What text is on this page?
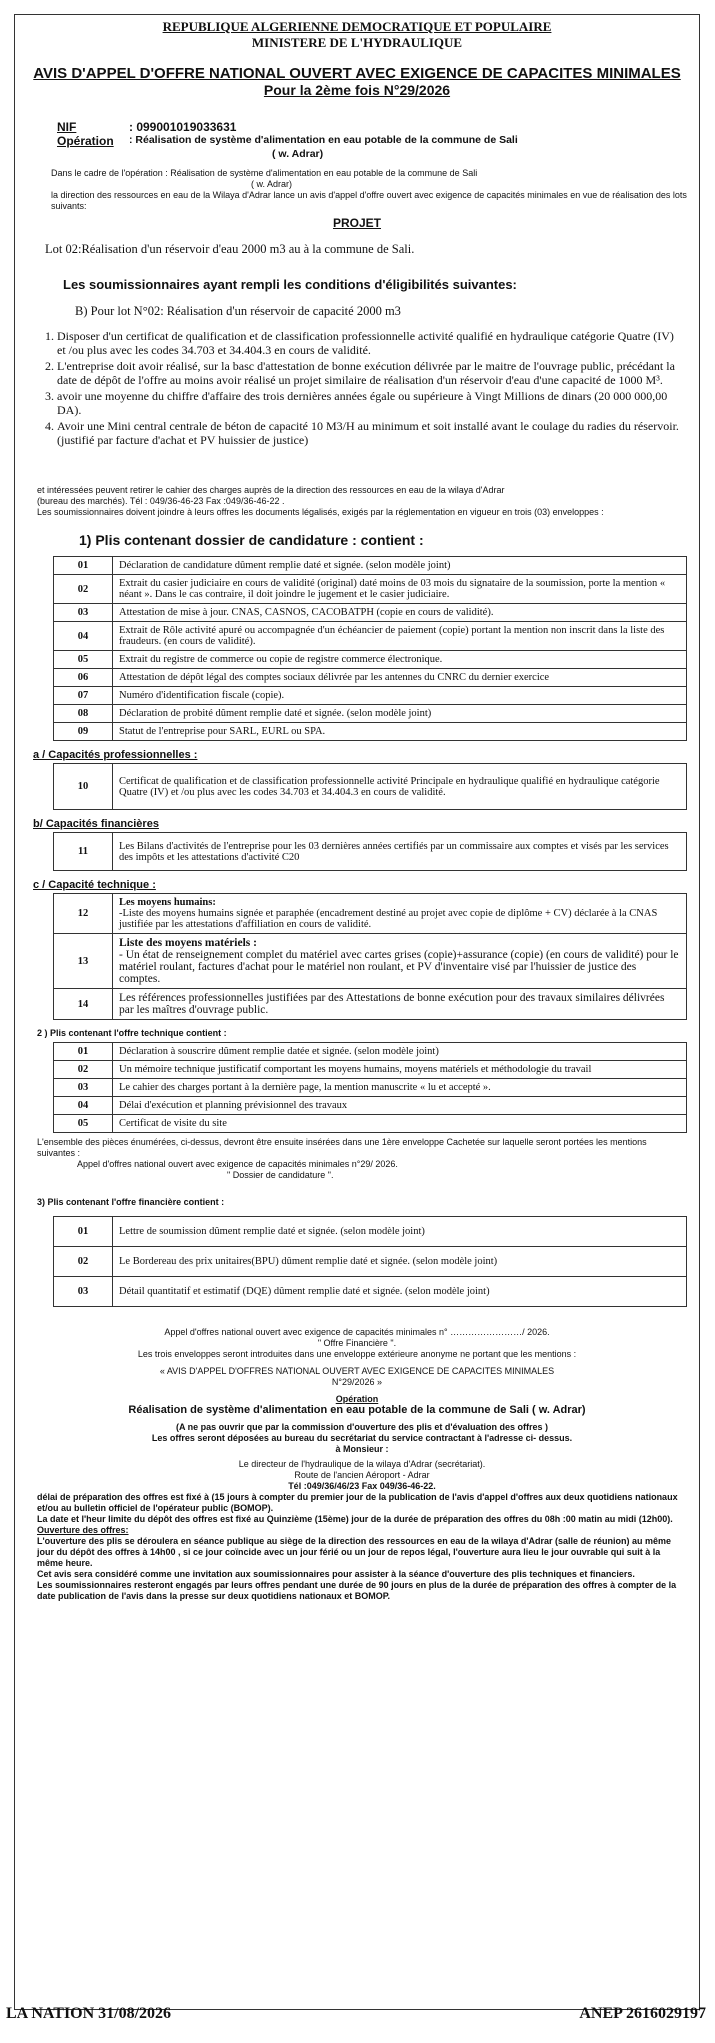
REPUBLIQUE ALGERIENNE DEMOCRATIQUE ET POPULAIRE
MINISTERE DE L'HYDRAULIQUE
AVIS D'APPEL D'OFFRE NATIONAL OUVERT AVEC EXIGENCE DE CAPACITES MINIMALES
Pour la 2ème fois N°29/2026
NIF	: 099001019033631
Opération	: Réalisation de système d'alimentation en eau potable de la commune de Sali
( w. Adrar)
Dans le cadre de l'opération : Réalisation de système d'alimentation en eau potable de la commune de Sali
( w. Adrar)
la direction des ressources en eau de la Wilaya d'Adrar lance un avis d'appel d'offre ouvert avec exigence de capacités minimales en vue de réalisation des lots suivants:
PROJET
Lot 02:Réalisation d'un réservoir d'eau 2000 m3 au à la commune de Sali.
Les soumissionnaires ayant rempli les conditions d'éligibilités suivantes:
B) Pour lot N°02: Réalisation d'un réservoir de capacité 2000 m3
1. Disposer d'un certificat de qualification et de classification professionnelle activité qualifié en hydraulique catégorie Quatre (IV) et /ou plus avec les codes 34.703 et 34.404.3 en cours de validité.
2. L'entreprise doit avoir réalisé, sur la basc d'attestation de bonne exécution délivrée par le maitre de l'ouvrage public, précédant la date de dépôt de l'offre au moins avoir réalisé un projet similaire de réalisation d'un réservoir d'eau d'une capacité de 1000 M³.
3. avoir une moyenne du chiffre d'affaire des trois dernières années égale ou supérieure à Vingt Millions de dinars (20 000 000,00 DA).
4. Avoir une Mini central centrale de béton de capacité 10 M3/H au minimum et soit installé avant le coulage du radies du réservoir. (justifié par facture d'achat et PV huissier de justice)
et intéressées peuvent retirer le cahier des charges auprès de la direction des ressources en eau de la wilaya d'Adrar
(bureau des marchés). Tél : 049/36-46-23 Fax :049/36-46-22 .
Les soumissionnaires doivent joindre à leurs offres les documents légalisés, exigés par la réglementation en vigueur en trois (03) enveloppes :
1) Plis contenant dossier de candidature : contient :
01	Déclaration de candidature dûment remplie daté et signée. (selon modèle joint)
02	Extrait du casier judiciaire en cours de validité (original) daté moins de 03 mois du signataire de la soumission, porte la mention « néant ». Dans le cas contraire, il doit joindre le jugement et le casier judiciaire.
03	Attestation de mise à jour. CNAS, CASNOS, CACOBATPH (copie en cours de validité).
04	Extrait de Rôle activité apuré ou accompagnée d'un échéancier de paiement (copie) portant la mention non inscrit dans la liste des fraudeurs. (en cours de validité).
05	Extrait du registre de commerce ou copie de registre commerce électronique.
06	Attestation de dépôt légal des comptes sociaux délivrée par les antennes du CNRC du dernier exercice
07	Numéro d'identification fiscale (copie).
08	Déclaration de probité dûment remplie daté et signée. (selon modèle joint)
09	Statut de l'entreprise pour SARL, EURL ou SPA.
a / Capacités professionnelles :
10	Certificat de qualification et de classification professionnelle activité Principale en hydraulique qualifié en hydraulique catégorie Quatre (IV) et /ou plus avec les codes 34.703 et 34.404.3 en cours de validité.
b/ Capacités financières
11	Les Bilans d'activités de l'entreprise pour les 03 dernières années certifiés par un commissaire aux comptes et visés par les services des impôts et les attestations d'activité C20
c / Capacité technique :
12	Les moyens humains:
-Liste des moyens humains signée et paraphée (encadrement destiné au projet avec copie de diplôme + CV) déclarée à la CNAS justifiée par les attestations d'affiliation en cours de validité.

13	Liste des moyens matériels :
- Un état de renseignement complet du matériel avec cartes grises (copie)+assurance (copie) (en cours de validité) pour le matériel roulant, factures d'achat pour le matériel non roulant, et PV d'inventaire visé par l'huissier de justice des comptes.

14	Les références professionnelles justifiées par des Attestations de bonne exécution pour des travaux similaires délivrées par les maîtres d'ouvrage public.
2 ) Plis contenant l'offre technique contient :
01	Déclaration à souscrire dûment remplie datée et signée. (selon modèle joint)
02	Un mémoire technique justificatif comportant les moyens humains, moyens matériels et méthodologie du travail
03	Le cahier des charges portant à la dernière page, la mention manuscrite « lu et accepté ».
04	Délai d'exécution et planning prévisionnel des travaux
05	Certificat de visite du site
L'ensemble des pièces énumérées, ci-dessus, devront être ensuite insérées dans une 1ère enveloppe Cachetée sur laquelle seront portées les mentions suivantes :
Appel d'offres national ouvert avec exigence de capacités minimales n°29/ 2026.
" Dossier de candidature ".
3) Plis contenant l'offre financière contient :
01	Lettre de soumission dûment remplie daté et signée. (selon modèle joint)
02	Le Bordereau des prix unitaires(BPU) dûment remplie daté et signée. (selon modèle joint)
03	Détail quantitatif et estimatif (DQE) dûment remplie daté et signée. (selon modèle joint)
Appel d'offres national ouvert avec exigence de capacités minimales n° ……………………/ 2026.
" Offre Financière ".
Les trois enveloppes seront introduites dans une enveloppe extérieure anonyme ne portant que les mentions :
« AVIS D'APPEL D'OFFRES NATIONAL OUVERT AVEC EXIGENCE DE CAPACITES MINIMALES
N°29/2026 »
Opération
Réalisation de système d'alimentation en eau potable de la commune de Sali ( w. Adrar)
(A ne pas ouvrir que par la commission d'ouverture des plis et d'évaluation des offres )
Les offres seront déposées au bureau du secrétariat du service contractant à l'adresse ci- dessus.
à Monsieur :
Le directeur de l'hydraulique de la wilaya d'Adrar (secrétariat).
Route de l'ancien Aéroport - Adrar
Tél :049/36/46/23 Fax 049/36-46-22.
délai de préparation des offres est fixé à (15 jours à compter du premier jour de la publication de l'avis d'appel d'offres aux deux quotidiens nationaux et/ou au bulletin officiel de l'opérateur public (BOMOP).
La date et l'heur limite du dépôt des offres est fixé au Quinzième (15ème) jour de la durée de préparation des offres du 08h :00 matin au midi (12h00).
Ouverture des offres:
L'ouverture des plis se déroulera en séance publique au siège de la direction des ressources en eau de la wilaya d'Adrar (salle de réunion) au même jour du dépôt des offres à 14h00 , si ce jour coïncide avec un jour férié ou un jour de repos légal, l'ouverture aura lieu le jour ouvrable qui suit à la même heure.
Cet avis sera considéré comme une invitation aux soumissionnaires pour assister à la séance d'ouverture des plis techniques et financiers.
Les soumissionnaires resteront engagés par leurs offres pendant une durée de 90 jours en plus de la durée de préparation des offres à compter de la date publication de l'avis dans la presse sur deux quotidiens nationaux et BOMOP.
LA NATION 31/08/2026	ANEP 2616029197
